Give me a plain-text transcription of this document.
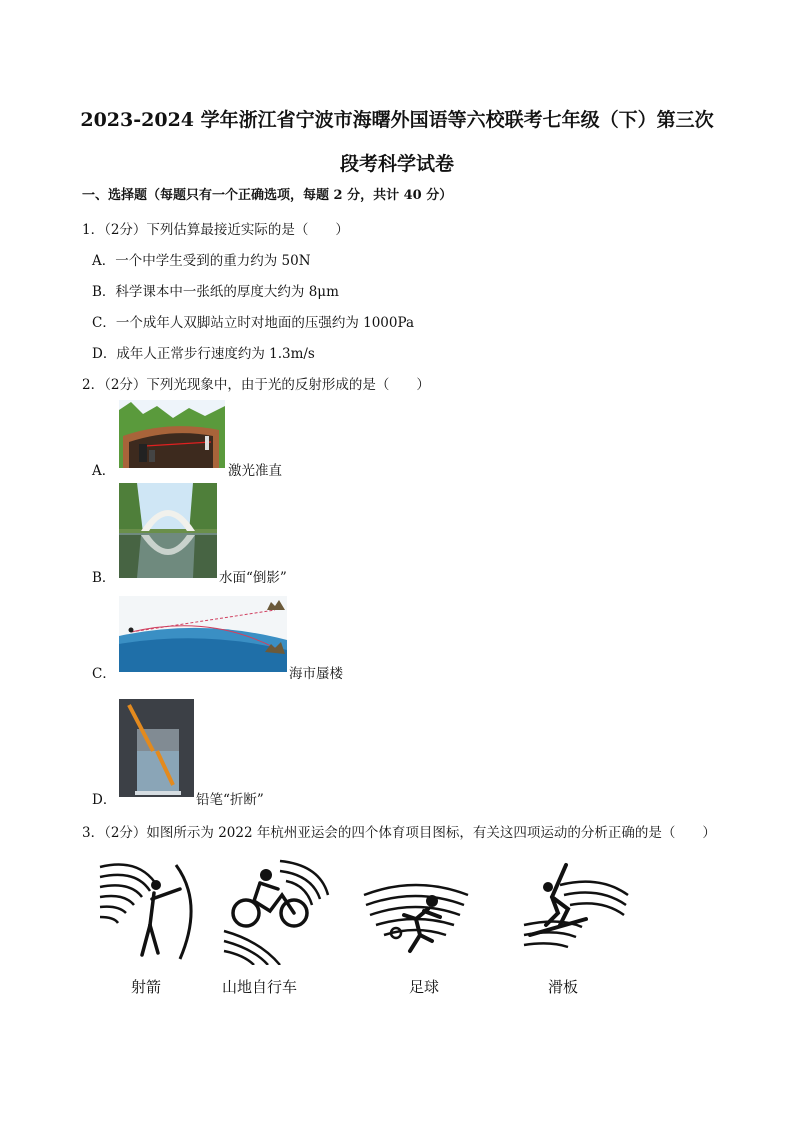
2023-2024 学年浙江省宁波市海曙外国语等六校联考七年级（下）第三次
段考科学试卷
一、选择题（每题只有一个正确选项，每题 2 分，共计 40 分）
1．（2分）下列估算最接近实际的是（　　）
A．一个中学生受到的重力约为 50N
B．科学课本中一张纸的厚度大约为 8μm
C．一个成年人双脚站立时对地面的压强约为 1000Pa
D．成年人正常步行速度约为 1.3m/s
2．（2分）下列光现象中，由于光的反射形成的是（　　）
A．	激光准直
B．	水面“倒影”
C．	海市蜃楼
D．	铅笔“折断”
3．（2分）如图所示为 2022 年杭州亚运会的四个体育项目图标，有关这四项运动的分析正确的是（　　）
射箭	山地自行车	足球	滑板
